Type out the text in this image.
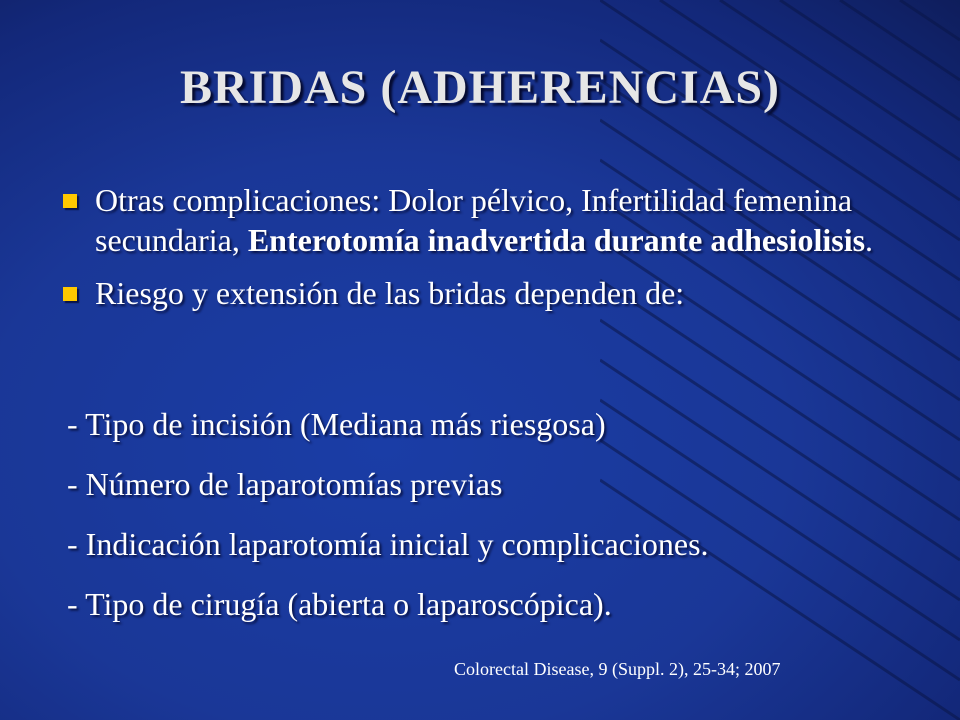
BRIDAS (ADHERENCIAS)
Otras complicaciones: Dolor pélvico, Infertilidad femenina secundaria, Enterotomía inadvertida durante adhesiolisis.
Riesgo y extensión de las bridas dependen de:
- Tipo de incisión (Mediana más riesgosa)
- Número de laparotomías previas
- Indicación laparotomía inicial y complicaciones.
- Tipo de cirugía (abierta o laparoscópica).
Colorectal Disease, 9 (Suppl. 2), 25-34; 2007
